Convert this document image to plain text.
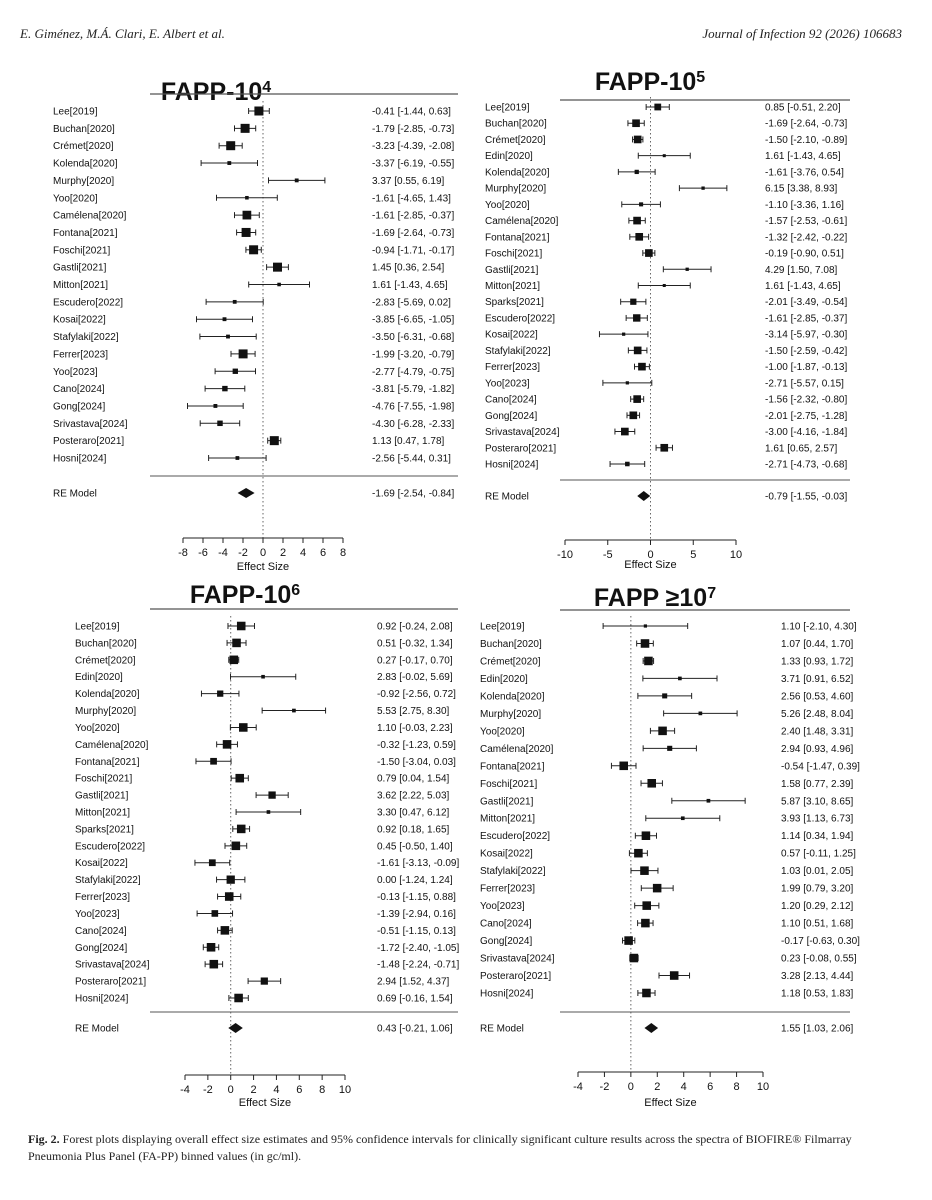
E. Giménez, M.Á. Clari, E. Albert et al.	Journal of Infection 92 (2026) 106683
FAPP-$10^4$
Lee[2019]	-0.41 [-1.44, 0.63]
Buchan[2020]	-1.79 [-2.85, -0.73]
Crémet[2020]	-3.23 [-4.39, -2.08]
Kolenda[2020]	-3.37 [-6.19, -0.55]
Murphy[2020]	3.37 [0.55, 6.19]
Yoo[2020]	-1.61 [-4.65, 1.43]
Camélena[2020]	-1.61 [-2.85, -0.37]
Fontana[2021]	-1.69 [-2.64, -0.73]
Foschi[2021]	-0.94 [-1.71, -0.17]
Gastli[2021]	1.45 [0.36, 2.54]
Mitton[2021]	1.61 [-1.43, 4.65]
Escudero[2022]	-2.83 [-5.69, 0.02]
Kosai[2022]	-3.85 [-6.65, -1.05]
Stafylaki[2022]	-3.50 [-6.31, -0.68]
Ferrer[2023]	-1.99 [-3.20, -0.79]
Yoo[2023]	-2.77 [-4.79, -0.75]
Cano[2024]	-3.81 [-5.79, -1.82]
Gong[2024]	-4.76 [-7.55, -1.98]
Srivastava[2024]	-4.30 [-6.28, -2.33]
Posteraro[2021]	1.13 [0.47, 1.78]
Hosni[2024]	-2.56 [-5.44, 0.31]
RE Model	-1.69 [-2.54, -0.84]
-8 -6 -4 -2 0 2 4 6 8
Effect Size
FAPP-$10^5$
Lee[2019]	0.85 [-0.51, 2.20]
Buchan[2020]	-1.69 [-2.64, -0.73]
Crémet[2020]	-1.50 [-2.10, -0.89]
Edin[2020]	1.61 [-1.43, 4.65]
Kolenda[2020]	-1.61 [-3.76, 0.54]
Murphy[2020]	6.15 [3.38, 8.93]
Yoo[2020]	-1.10 [-3.36, 1.16]
Camélena[2020]	-1.57 [-2.53, -0.61]
Fontana[2021]	-1.32 [-2.42, -0.22]
Foschi[2021]	-0.19 [-0.90, 0.51]
Gastli[2021]	4.29 [1.50, 7.08]
Mitton[2021]	1.61 [-1.43, 4.65]
Sparks[2021]	-2.01 [-3.49, -0.54]
Escudero[2022]	-1.61 [-2.85, -0.37]
Kosai[2022]	-3.14 [-5.97, -0.30]
Stafylaki[2022]	-1.50 [-2.59, -0.42]
Ferrer[2023]	-1.00 [-1.87, -0.13]
Yoo[2023]	-2.71 [-5.57, 0.15]
Cano[2024]	-1.56 [-2.32, -0.80]
Gong[2024]	-2.01 [-2.75, -1.28]
Srivastava[2024]	-3.00 [-4.16, -1.84]
Posteraro[2021]	1.61 [0.65, 2.57]
Hosni[2024]	-2.71 [-4.73, -0.68]
RE Model	-0.79 [-1.55, -0.03]
-10	-5	0	5	10
Effect Size
FAPP-$10^6$
Lee[2019]	0.92 [-0.24, 2.08]
Buchan[2020]	0.51 [-0.32, 1.34]
Crémet[2020]	0.27 [-0.17, 0.70]
Edin[2020]	2.83 [-0.02, 5.69]
Kolenda[2020]	-0.92 [-2.56, 0.72]
Murphy[2020]	5.53 [2.75, 8.30]
Yoo[2020]	1.10 [-0.03, 2.23]
Camélena[2020]	-0.32 [-1.23, 0.59]
Fontana[2021]	-1.50 [-3.04, 0.03]
Foschi[2021]	0.79 [0.04, 1.54]
Gastli[2021]	3.62 [2.22, 5.03]
Mitton[2021]	3.30 [0.47, 6.12]
Sparks[2021]	0.92 [0.18, 1.65]
Escudero[2022]	0.45 [-0.50, 1.40]
Kosai[2022]	-1.61 [-3.13, -0.09]
Stafylaki[2022]	0.00 [-1.24, 1.24]
Ferrer[2023]	-0.13 [-1.15, 0.88]
Yoo[2023]	-1.39 [-2.94, 0.16]
Cano[2024]	-0.51 [-1.15, 0.13]
Gong[2024]	-1.72 [-2.40, -1.05]
Srivastava[2024]	-1.48 [-2.24, -0.71]
Posteraro[2021]	2.94 [1.52, 4.37]
Hosni[2024]	0.69 [-0.16, 1.54]
RE Model	0.43 [-0.21, 1.06]
-4 -2 0 2 4 6 8 10
Effect Size
FAPP $\ge 10^7$
Lee[2019]	1.10 [-2.10, 4.30]
Buchan[2020]	1.07 [0.44, 1.70]
Crémet[2020]	1.33 [0.93, 1.72]
Edin[2020]	3.71 [0.91, 6.52]
Kolenda[2020]	2.56 [0.53, 4.60]
Murphy[2020]	5.26 [2.48, 8.04]
Yoo[2020]	2.40 [1.48, 3.31]
Camélena[2020]	2.94 [0.93, 4.96]
Fontana[2021]	-0.54 [-1.47, 0.39]
Foschi[2021]	1.58 [0.77, 2.39]
Gastli[2021]	5.87 [3.10, 8.65]
Mitton[2021]	3.93 [1.13, 6.73]
Escudero[2022]	1.14 [0.34, 1.94]
Kosai[2022]	0.57 [-0.11, 1.25]
Stafylaki[2022]	1.03 [0.01, 2.05]
Ferrer[2023]	1.99 [0.79, 3.20]
Yoo[2023]	1.20 [0.29, 2.12]
Cano[2024]	1.10 [0.51, 1.68]
Gong[2024]	-0.17 [-0.63, 0.30]
Srivastava[2024]	0.23 [-0.08, 0.55]
Posteraro[2021]	3.28 [2.13, 4.44]
Hosni[2024]	1.18 [0.53, 1.83]
RE Model	1.55 [1.03, 2.06]
-4 -2 0 2 4 6 8 10
Effect Size
Fig. 2. Forest plots displaying overall effect size estimates and 95% confidence intervals for clinically significant culture results across the spectra of BIOFIRE® Filmarray Pneumonia Plus Panel (FA-PP) binned values (in gc/ml).
